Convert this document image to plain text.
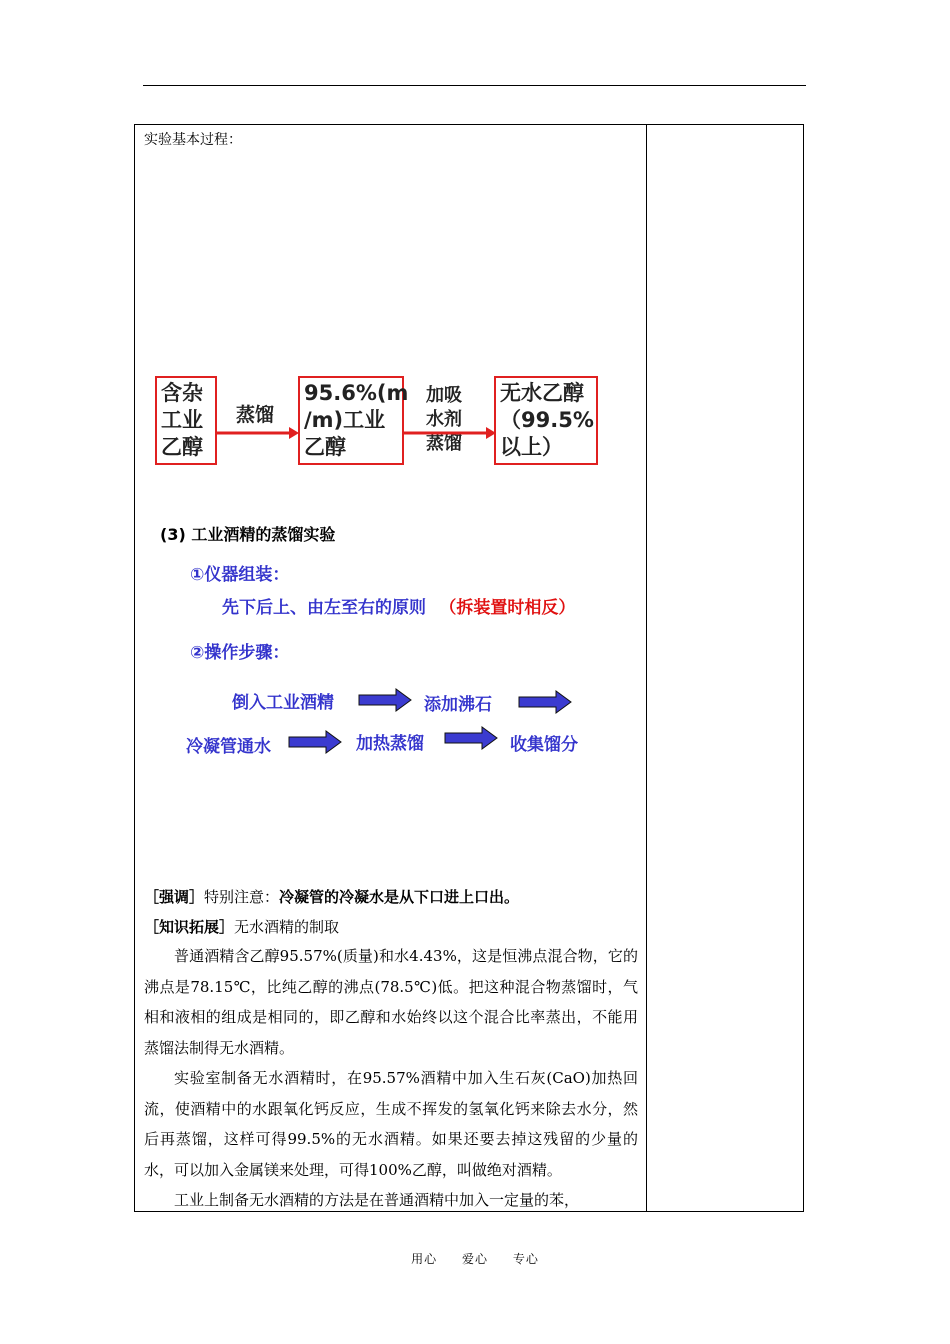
实验基本过程：
含杂
工业
乙醇
蒸馏
95.6%(m
/m)工业
乙醇
加吸
水剂
蒸馏
无水乙醇
（99.5%
以上）
(3) 工业酒精的蒸馏实验
①仪器组装：
先下后上、由左至右的原则 （拆装置时相反）
②操作步骤：
倒入工业酒精	添加沸石
冷凝管通水	加热蒸馏	收集馏分
［强调］特别注意：冷凝管的冷凝水是从下口进上口出。
［知识拓展］无水酒精的制取
普通酒精含乙醇95.57%(质量)和水4.43%，这是恒沸点混合物，它的沸点是78.15℃，比纯乙醇的沸点(78.5℃)低。把这种混合物蒸馏时，气相和液相的组成是相同的，即乙醇和水始终以这个混合比率蒸出，不能用蒸馏法制得无水酒精。
实验室制备无水酒精时，在95.57%酒精中加入生石灰(CaO)加热回流，使酒精中的水跟氧化钙反应，生成不挥发的氢氧化钙来除去水分，然后再蒸馏，这样可得99.5%的无水酒精。如果还要去掉这残留的少量的水，可以加入金属镁来处理，可得100%乙醇，叫做绝对酒精。
工业上制备无水酒精的方法是在普通酒精中加入一定量的苯，
用心 爱心 专心
